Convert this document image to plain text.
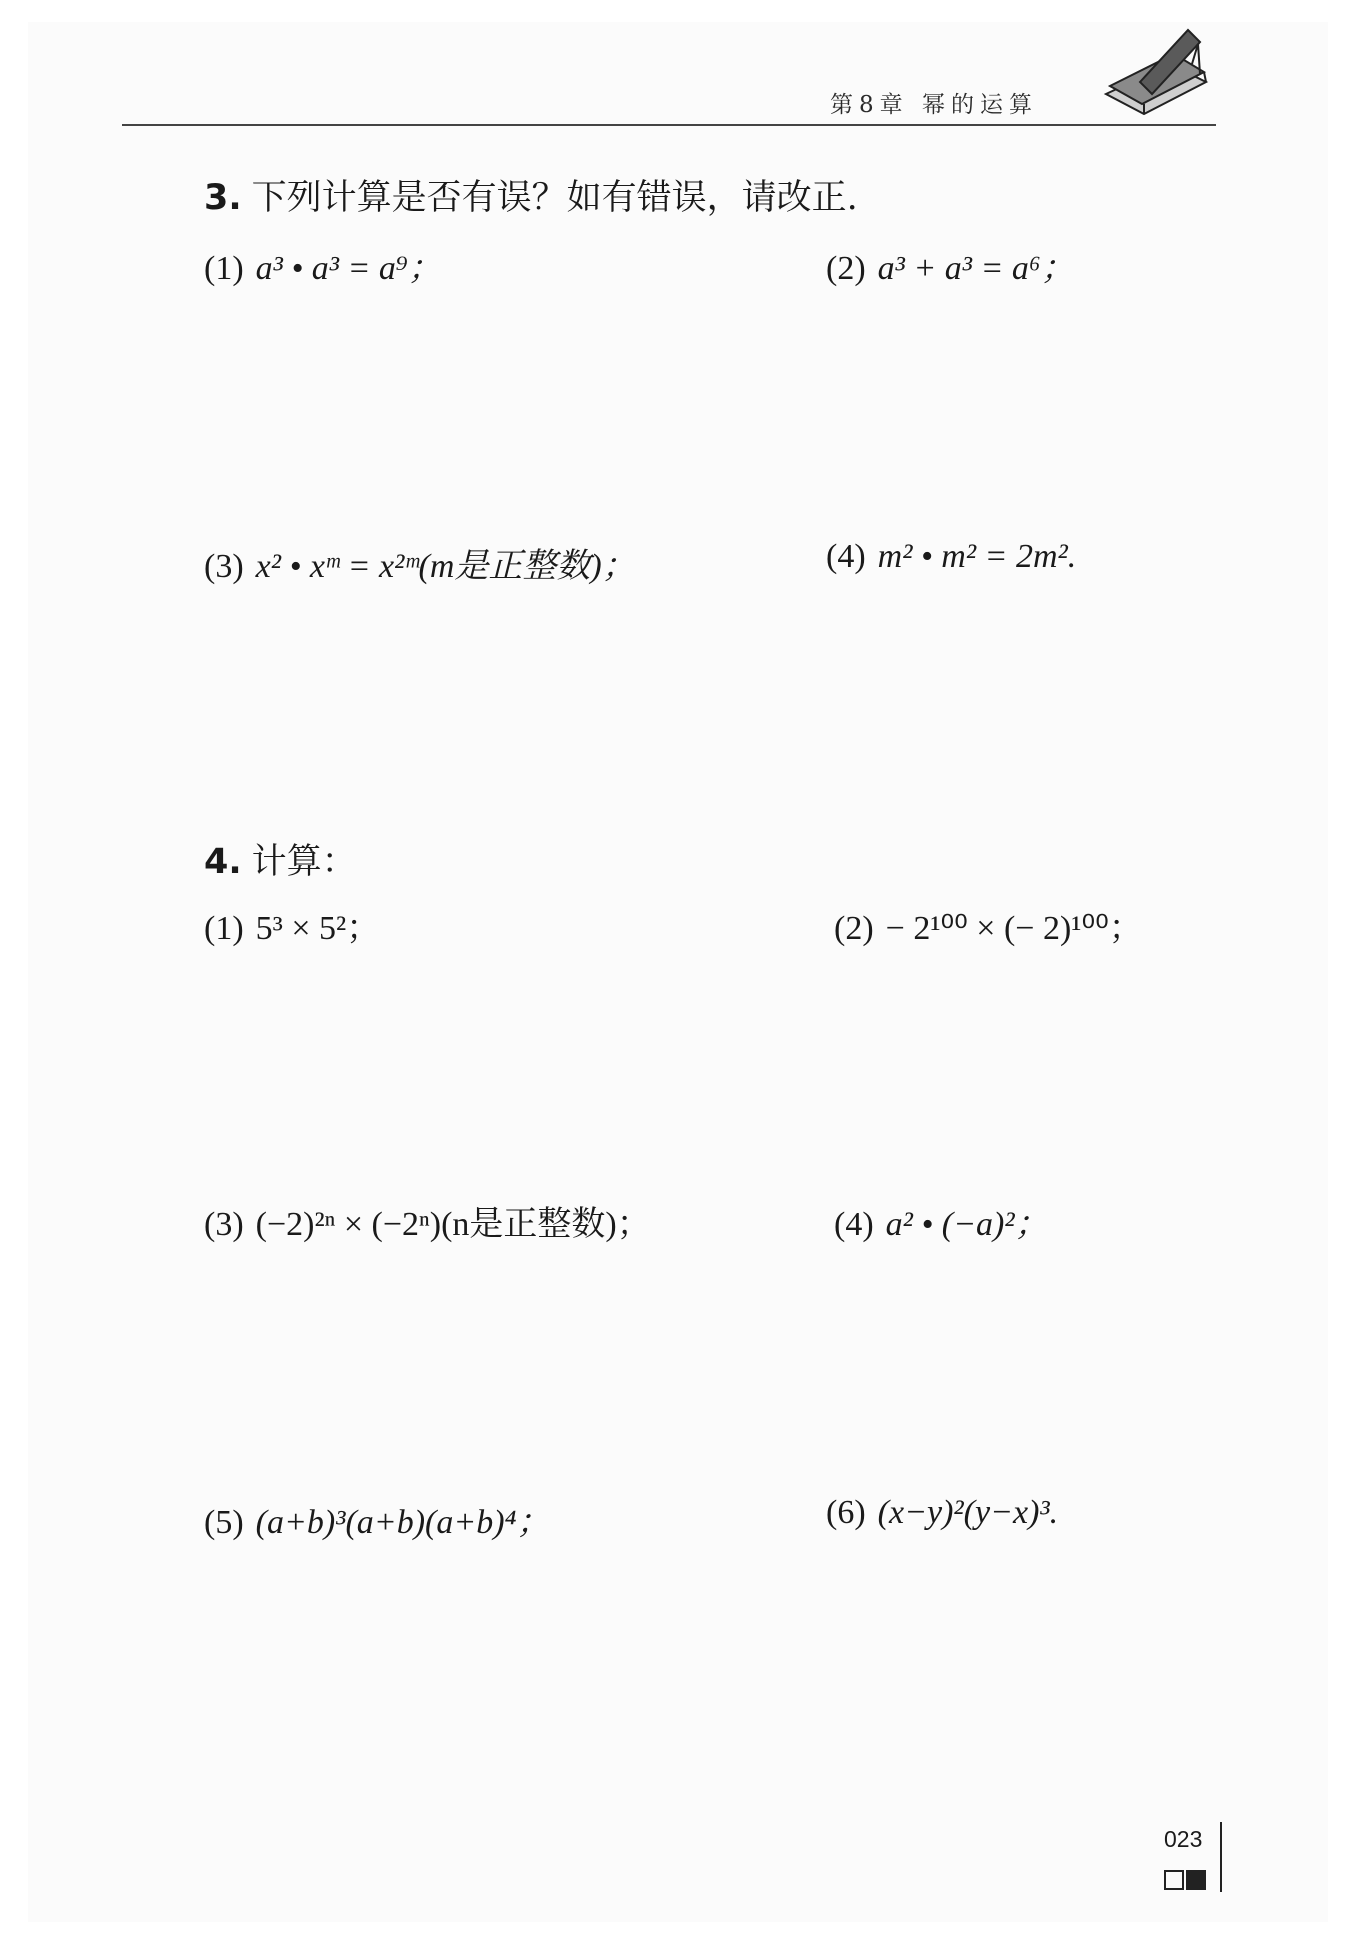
第8章 幂的运算
3. 下列计算是否有误？如有错误，请改正.
(1) a³ • a³ = a⁹；	(2) a³ + a³ = a⁶；
(3) x² • xᵐ = x²ᵐ(m是正整数)；	(4) m² • m² = 2m².
4. 计算：
(1) 5³ × 5²；	(2) − 2¹⁰⁰ × (− 2)¹⁰⁰；
(3) (−2)²ⁿ × (−2ⁿ)(n是正整数)；	(4) a² • (−a)²；
(5) (a+b)³(a+b)(a+b)⁴；	(6) (x−y)²(y−x)³.
023
